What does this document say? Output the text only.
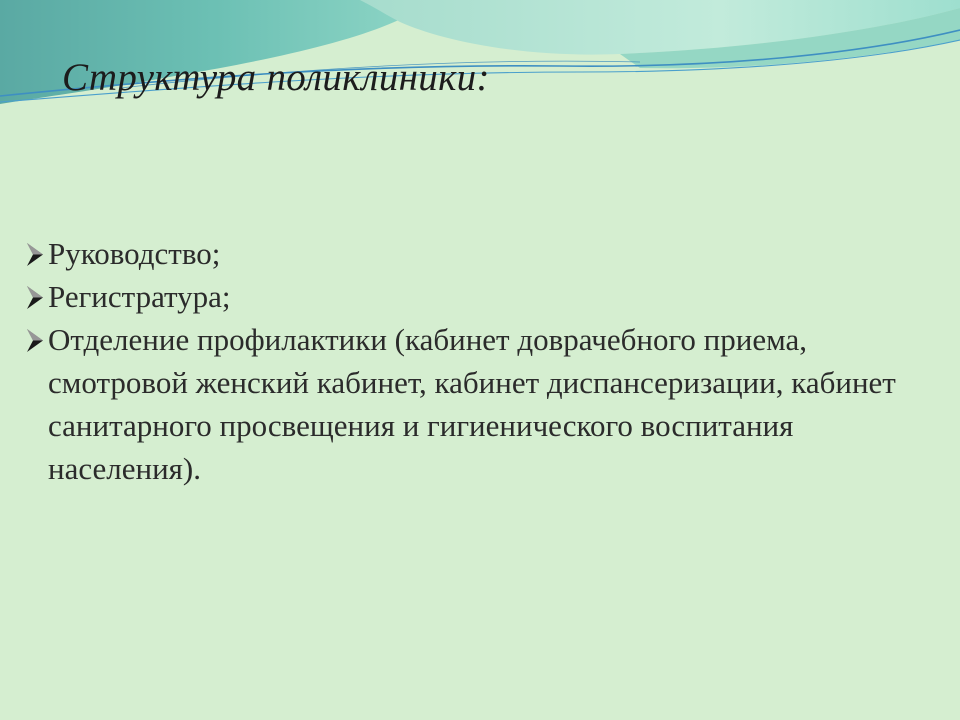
Структура поликлиники:
Руководство;
Регистратура;
Отделение профилактики (кабинет доврачебного приема, смотровой женский кабинет, кабинет диспансеризации, кабинет санитарного просвещения и гигиенического воспитания населения).
